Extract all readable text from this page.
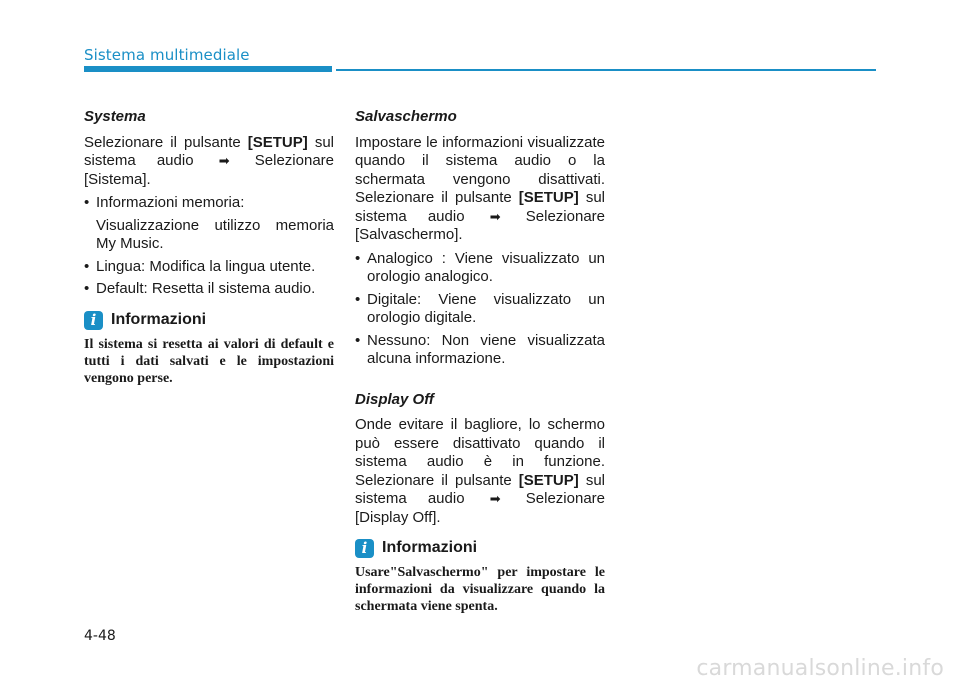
Sistema multimediale
Systema

Selezionare il pulsante [SETUP] sul sistema audio ➡ Selezionare [Sistema].

• Informazioni memoria:
Visualizzazione utilizzo memoria My Music.
• Lingua: Modifica la lingua utente.
• Default: Resetta il sistema audio.
i Informazioni

Il sistema si resetta ai valori di default e tutti i dati salvati e le impostazioni vengono perse.

Salvaschermo

Impostare le informazioni visualizzate quando il sistema audio o la schermata vengono disattivati. Selezionare il pulsante [SETUP] sul sistema audio ➡ Selezionare [Salvaschermo].

• Analogico : Viene visualizzato un orologio analogico.
• Digitale: Viene visualizzato un orologio digitale.
• Nessuno: Non viene visualizzata alcuna informazione.
Display Off

Onde evitare il bagliore, lo schermo può essere disattivato quando il sistema audio è in funzione. Selezionare il pulsante [SETUP] sul sistema audio ➡ Selezionare [Display Off].

i Informazioni

Usare"Salvaschermo" per impostare le informazioni da visualizzare quando la schermata viene spenta.

4-48
carmanualsonline.info
